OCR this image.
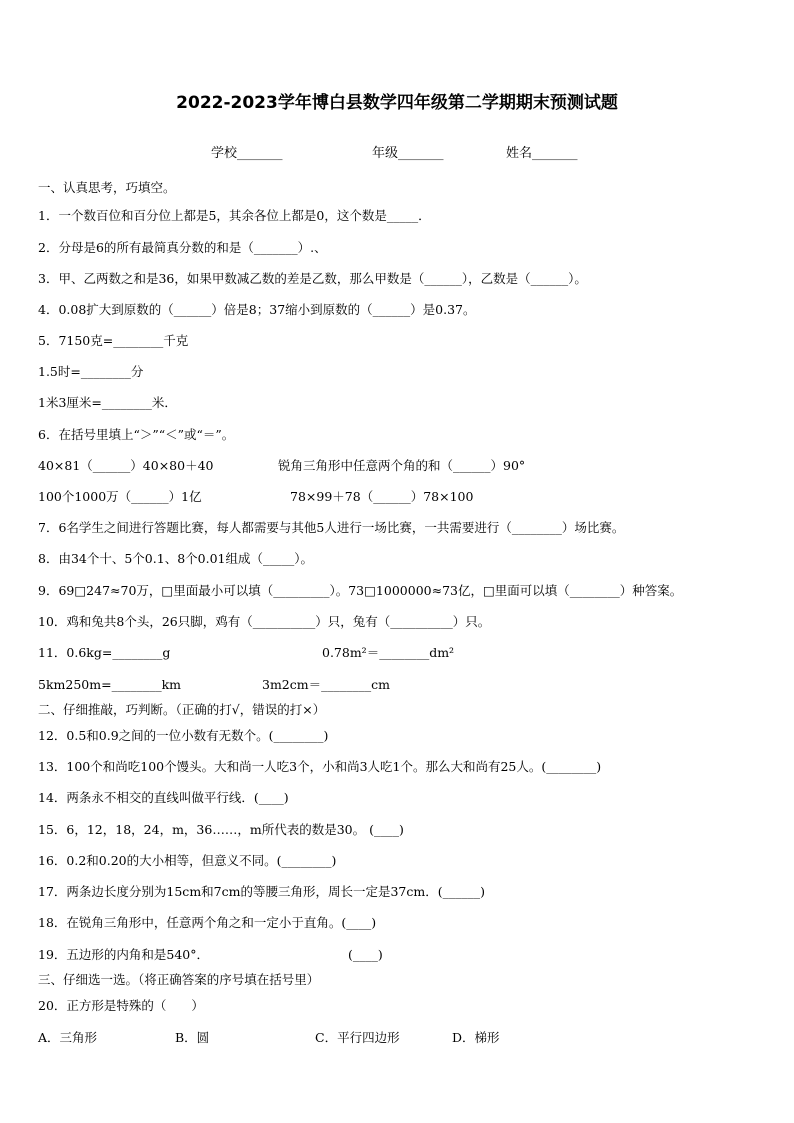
2022-2023学年博白县数学四年级第二学期期末预测试题
学校_______	年级_______	姓名_______
一、认真思考，巧填空。
1．一个数百位和百分位上都是5，其余各位上都是0，这个数是_____．
2．分母是6的所有最简真分数的和是（_______）.、
3．甲、乙两数之和是36，如果甲数减乙数的差是乙数，那么甲数是（______），乙数是（______）。
4．0.08扩大到原数的（______）倍是8；37缩小到原数的（______）是0.37。
5．7150克=________千克
1.5时=________分
1米3厘米=________米．
6．在括号里填上“＞”“＜”或“＝”。
40×81（______）40×80＋40	锐角三角形中任意两个角的和（______）90°
100个1000万（______）1亿	78×99＋78（______）78×100
7．6名学生之间进行答题比赛，每人都需要与其他5人进行一场比赛，一共需要进行（________）场比赛。
8．由34个十、5个0.1、8个0.01组成（_____）。
9．69□247≈70万，□里面最小可以填（_________）。73□1000000≈73亿，□里面可以填（________）种答案。
10．鸡和兔共8个头，26只脚，鸡有（__________）只，兔有（__________）只。
11．0.6kg=________g	0.78m²＝________dm²
5km250m=________km	3m2cm＝________cm
二、仔细推敲，巧判断。（正确的打√，错误的打×）
12．0.5和0.9之间的一位小数有无数个。(________)
13．100个和尚吃100个馒头。大和尚一人吃3个，小和尚3人吃1个。那么大和尚有25人。(________)
14．两条永不相交的直线叫做平行线．(____)
15．6，12，18，24，m，36……，m所代表的数是30。 (____)
16．0.2和0.20的大小相等，但意义不同。(________)
17．两条边长度分别为15cm和7cm的等腰三角形，周长一定是37cm．(______)
18．在锐角三角形中，任意两个角之和一定小于直角。(____)
19．五边形的内角和是540°．	(____)
三、仔细选一选。（将正确答案的序号填在括号里）
20．正方形是特殊的（　　）
A．三角形	B．圆	C．平行四边形	D．梯形
